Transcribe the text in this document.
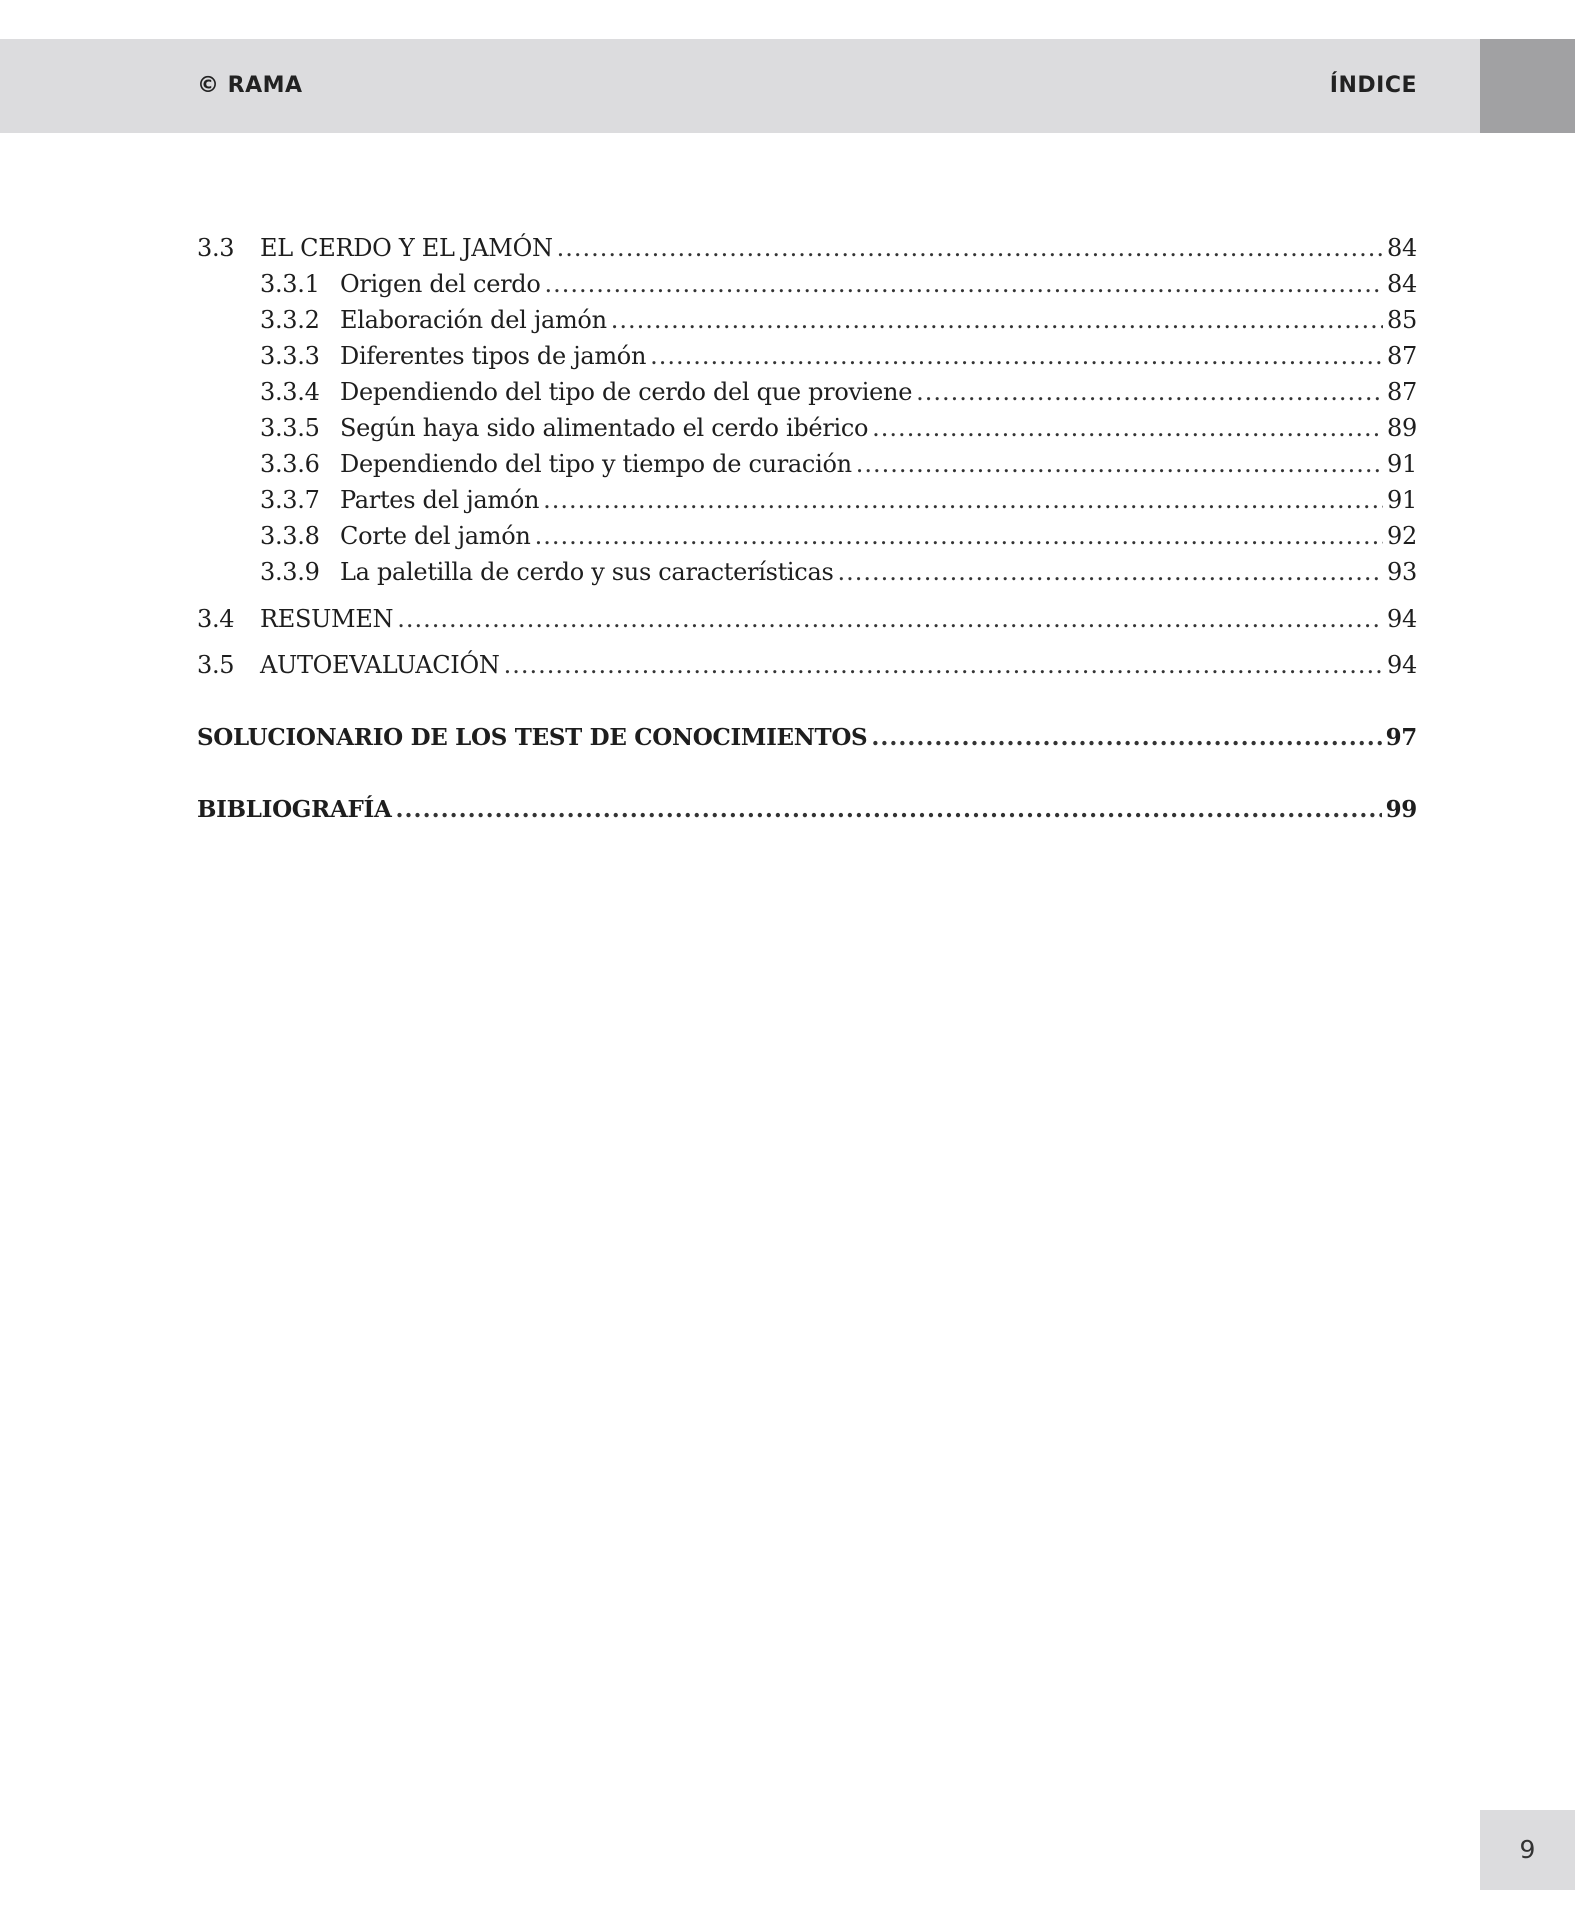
© RAMA	ÍNDICE
3.3	EL CERDO Y EL JAMÓN .....	84
3.3.1 Origen del cerdo .....	84
3.3.2 Elaboración del jamón .....	85
3.3.3 Diferentes tipos de jamón .....	87
3.3.4 Dependiendo del tipo de cerdo del que proviene .....	87
3.3.5 Según haya sido alimentado el cerdo ibérico .....	89
3.3.6 Dependiendo del tipo y tiempo de curación .....	91
3.3.7 Partes del jamón .....	91
3.3.8 Corte del jamón .....	92
3.3.9 La paletilla de cerdo y sus características .....	93
3.4	RESUMEN .....	94
3.5	AUTOEVALUACIÓN .....	94
SOLUCIONARIO DE LOS TEST DE CONOCIMIENTOS .....	97
BIBLIOGRAFÍA .....	99
9
